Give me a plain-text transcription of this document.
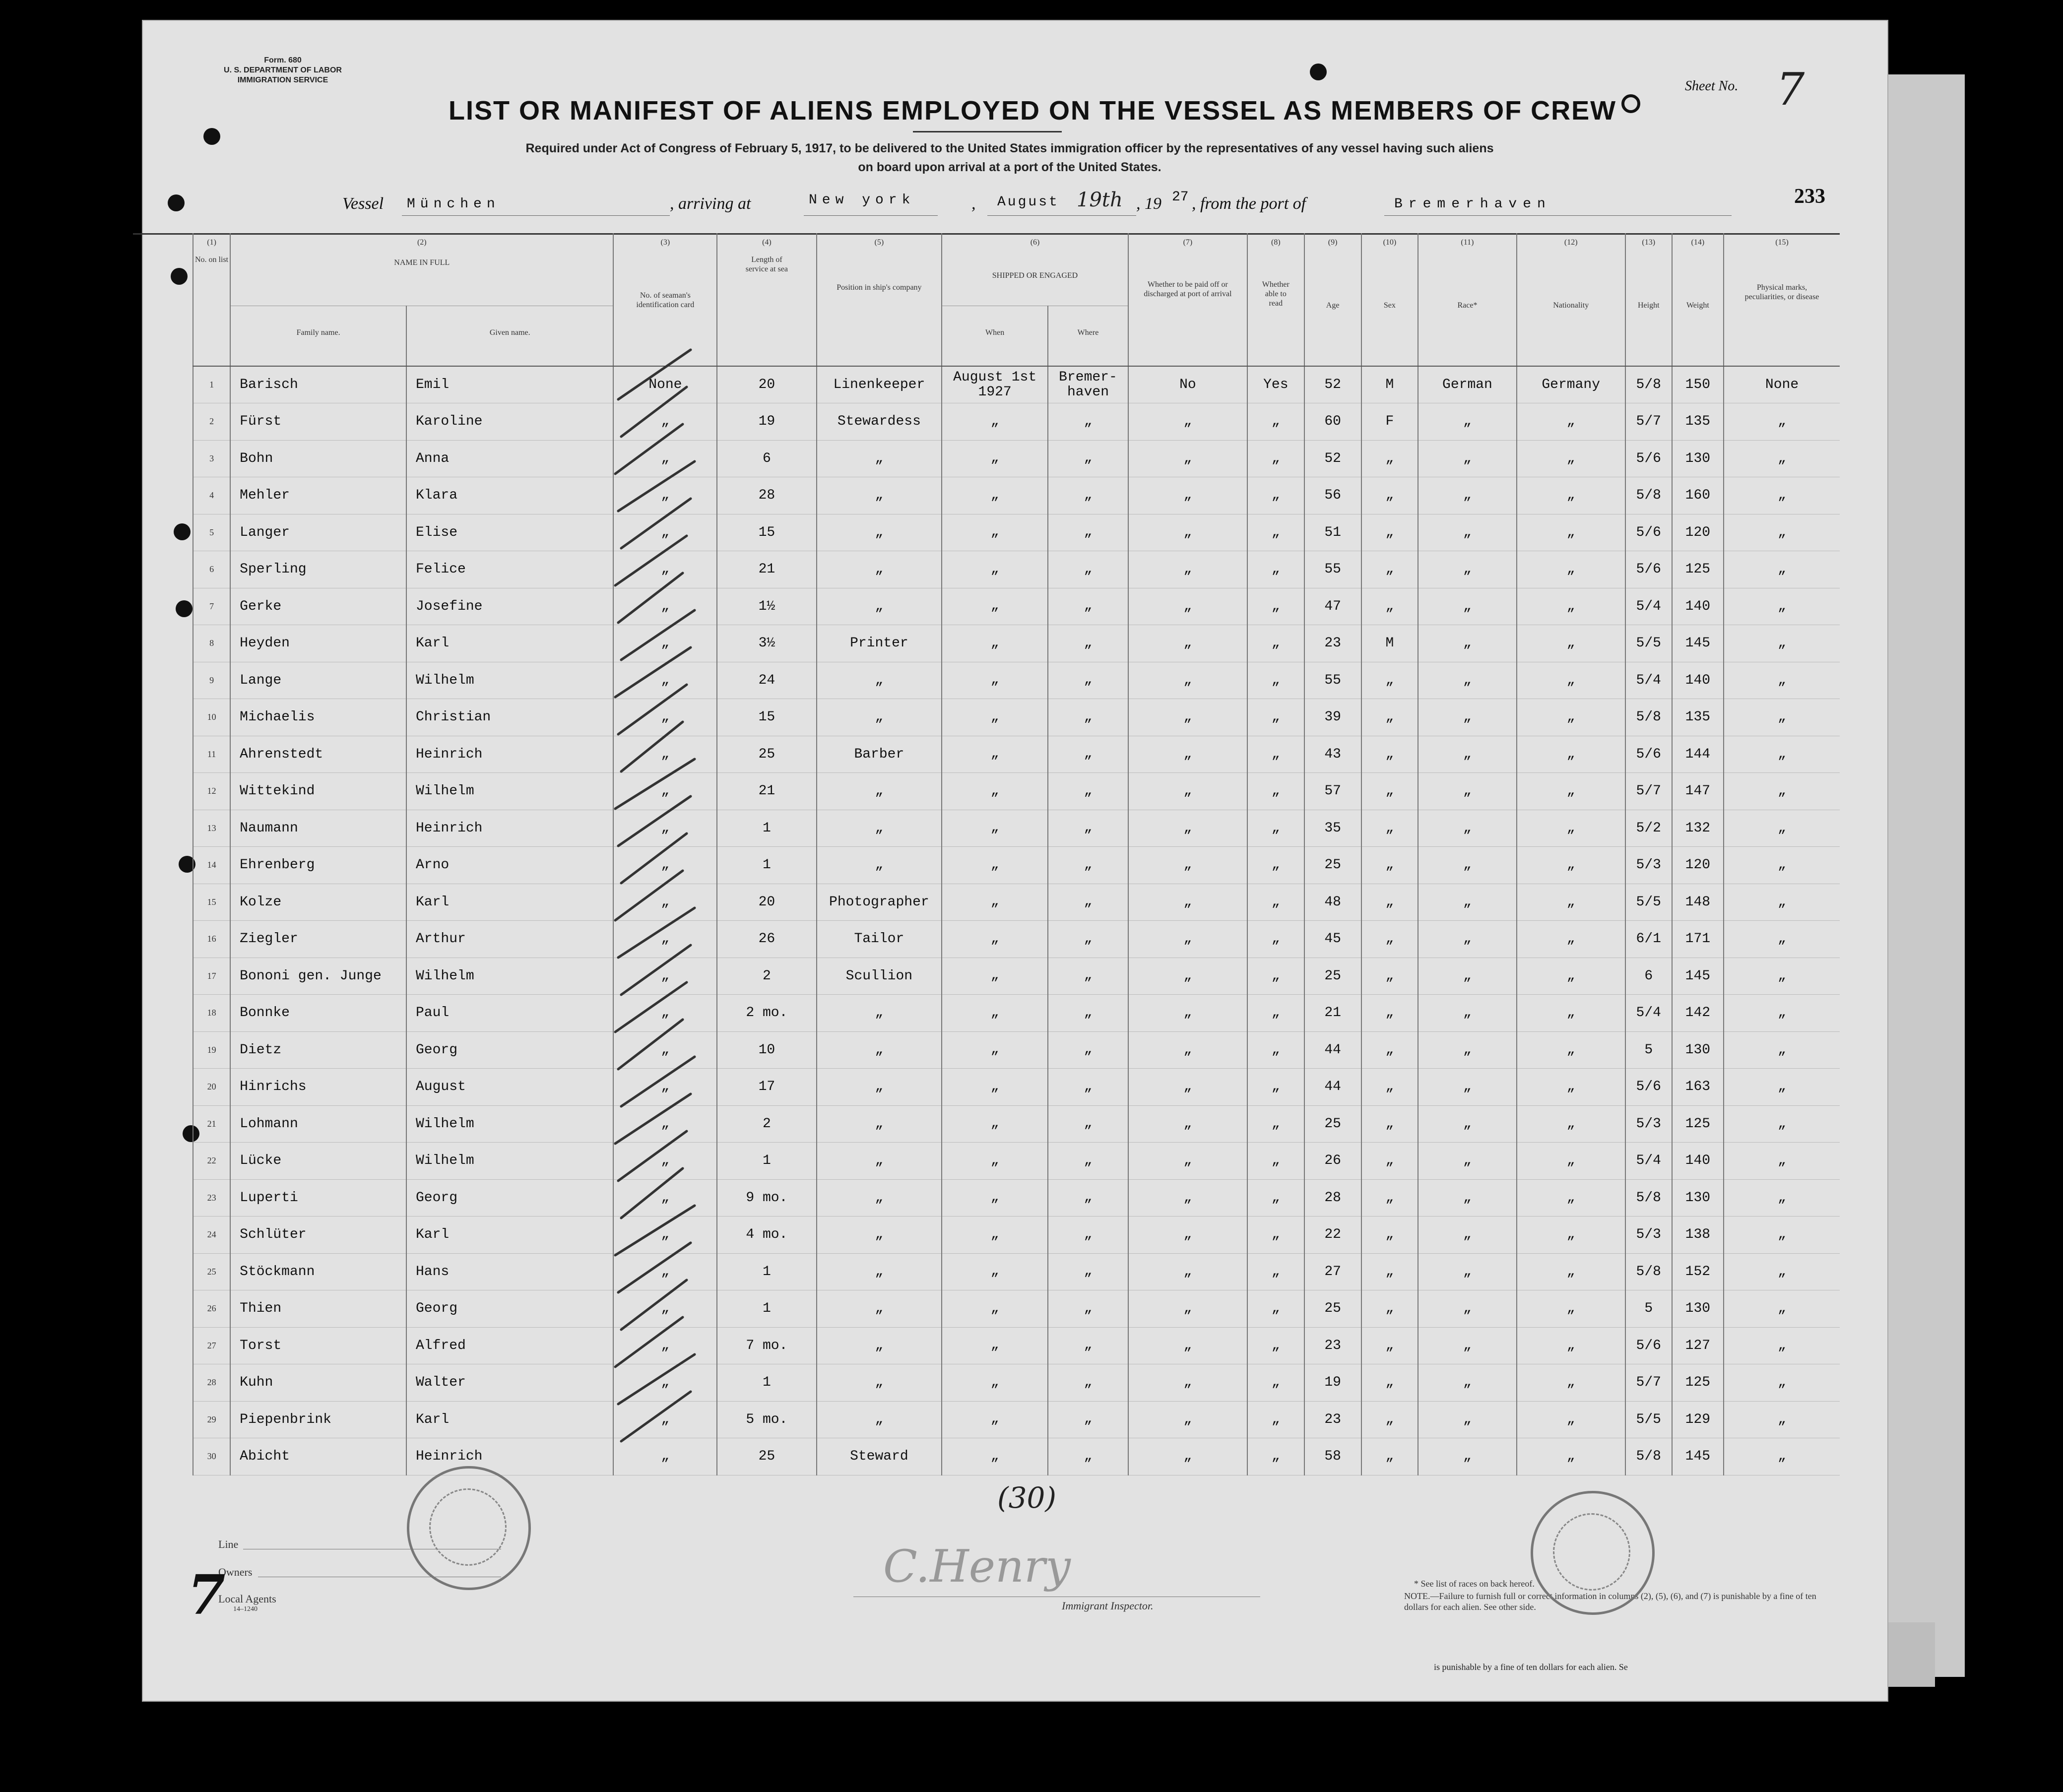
Form. 680
U. S. DEPARTMENT OF LABOR
IMMIGRATION SERVICE	Sheet No. 7
233
LIST OR MANIFEST OF ALIENS EMPLOYED ON THE VESSEL AS MEMBERS OF CREW
Required under Act of Congress of February 5, 1917, to be delivered to the United States immigration officer by the representatives of any vessel having such aliens
on board upon arrival at a port of the United States.
Vessel München	, arriving at	New york	, August 19th , 19 27 , from the port of	Bremerhaven
(1)	(2)		(3)	(4)	(5)	(6)		(7)	(8)	(9)	(10)	(11)	(12)	(13)	(14)	(15)
No. on list	NAME IN FULL		No. of seaman's identification card	Length of service at sea	Position in ship's company	SHIPPED OR ENGAGED		Whether to be paid off or discharged at port of arrival	Whether able to read	Age	Sex	Race*	Nationality	Height	Weight	Physical marks, peculiarities, or disease
	Family name.	Given name.				When	Where									
1	Barisch	Emil	None	20	Linenkeeper	August 1st 1927	Bremer-haven	No	Yes	52	M	German	Germany	5/8	150	None
2	Fürst	Karoline	„	19	Stewardess	„	„	„	„	60	F	„	„	5/7	135	„
3	Bohn	Anna	„	6	„	„	„	„	„	52	„	„	„	5/6	130	„
4	Mehler	Klara	„	28	„	„	„	„	„	56	„	„	„	5/8	160	„
5	Langer	Elise	„	15	„	„	„	„	„	51	„	„	„	5/6	120	„
6	Sperling	Felice	„	21	„	„	„	„	„	55	„	„	„	5/6	125	„
7	Gerke	Josefine	„	1½	„	„	„	„	„	47	„	„	„	5/4	140	„
8	Heyden	Karl	„	3½	Printer	„	„	„	„	23	M	„	„	5/5	145	„
9	Lange	Wilhelm	„	24	„	„	„	„	„	55	„	„	„	5/4	140	„
10	Michaelis	Christian	„	15	„	„	„	„	„	39	„	„	„	5/8	135	„
11	Ahrenstedt	Heinrich	„	25	Barber	„	„	„	„	43	„	„	„	5/6	144	„
12	Wittekind	Wilhelm	„	21	„	„	„	„	„	57	„	„	„	5/7	147	„
13	Naumann	Heinrich	„	1	„	„	„	„	„	35	„	„	„	5/2	132	„
14	Ehrenberg	Arno	„	1	„	„	„	„	„	25	„	„	„	5/3	120	„
15	Kolze	Karl	„	20	Photographer	„	„	„	„	48	„	„	„	5/5	148	„
16	Ziegler	Arthur	„	26	Tailor	„	„	„	„	45	„	„	„	6/1	171	„
17	Bononi gen. Junge	Wilhelm	„	2	Scullion	„	„	„	„	25	„	„	„	6	145	„
18	Bonnke	Paul	„	2 mo.	„	„	„	„	„	21	„	„	„	5/4	142	„
19	Dietz	Georg	„	10	„	„	„	„	„	44	„	„	„	5	130	„
20	Hinrichs	August	„	17	„	„	„	„	„	44	„	„	„	5/6	163	„
21	Lohmann	Wilhelm	„	2	„	„	„	„	„	25	„	„	„	5/3	125	„
22	Lücke	Wilhelm	„	1	„	„	„	„	„	26	„	„	„	5/4	140	„
23	Luperti	Georg	„	9 mo.	„	„	„	„	„	28	„	„	„	5/8	130	„
24	Schlüter	Karl	„	4 mo.	„	„	„	„	„	22	„	„	„	5/3	138	„
25	Stöckmann	Hans	„	1	„	„	„	„	„	27	„	„	„	5/8	152	„
26	Thien	Georg	„	1	„	„	„	„	„	25	„	„	„	5	130	„
27	Torst	Alfred	„	7 mo.	„	„	„	„	„	23	„	„	„	5/6	127	„
28	Kuhn	Walter	„	1	„	„	„	„	„	19	„	„	„	5/7	125	„
29	Piepenbrink	Karl	„	5 mo.	„	„	„	„	„	23	„	„	„	5/5	129	„
30	Abicht	Heinrich	„	25	Steward	„	„	„	„	58	„	„	„	5/8	145	„
(30)
Line
Owners
Local Agents
14–1240
7	C.Henry
Immigrant Inspector.
* See list of races on back hereof.
NOTE.—Failure to furnish full or correct information in columns (2), (5), (6), and (7) is punishable by a fine of ten dollars for each alien. See other side.
is punishable by a fine of ten dollars for each alien. Se
